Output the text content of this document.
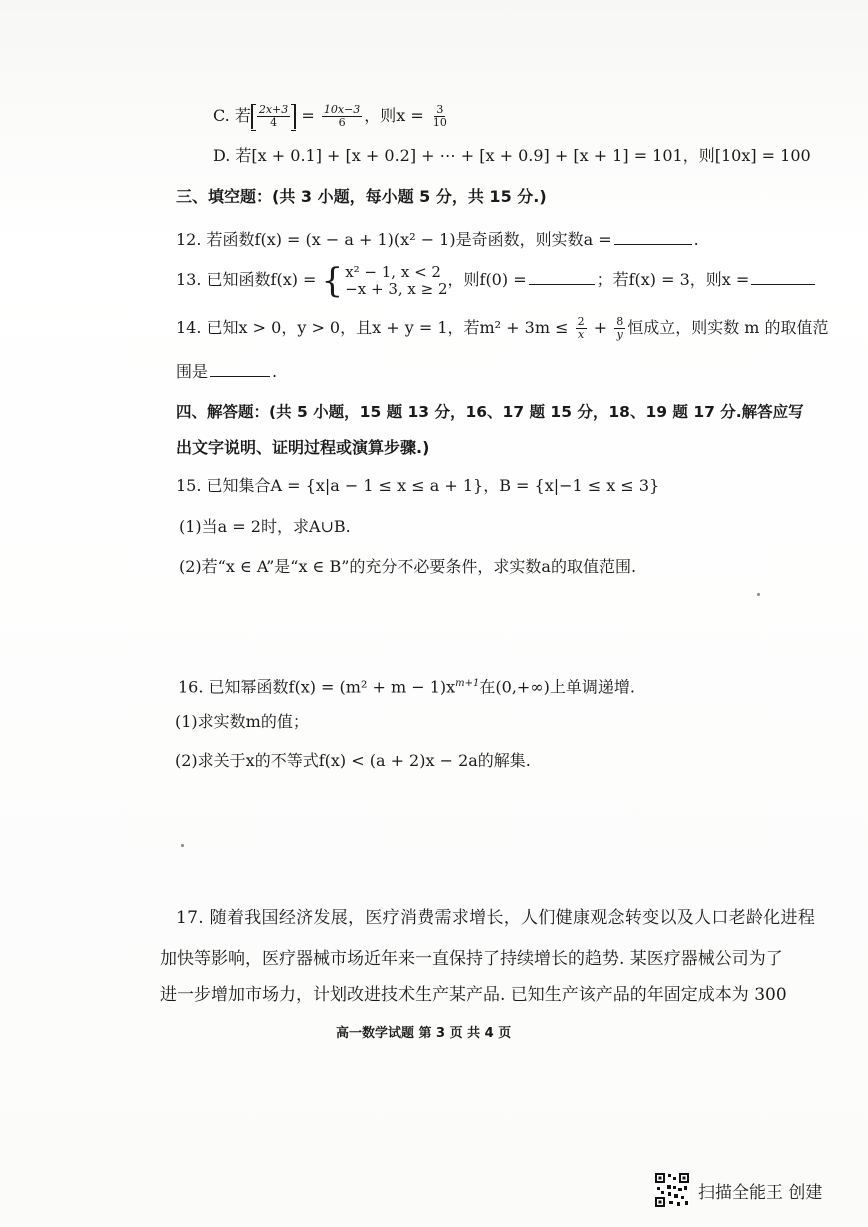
C. 若 $\frac{2x+3}{4} = \frac{10x-3}{6}$ ，则$x = \frac{3}{10}$
D. 若[x + 0.1] + [x + 0.2] + ⋯ + [x + 0.9] + [x + 1] = 101，则[10x] = 100
三、填空题：(共 3 小题，每小题 5 分，共 15 分.)
12. 若函数f(x) = (x − a + 1)(x² − 1)是奇函数，则实数a =	.
13. 已知函数f(x) = { x² − 1, x < 2
−x + 3, x ≥ 2 ，则f(0) =	；若f(x) = 3，则x =
14. 已知x > 0，y > 0，且x + y = 1，若$m^2 + 3m \le \frac{2}{x} + \frac{8}{y}$ 恒成立，则实数 m 的取值范
围是	.
四、解答题：(共 5 小题，15 题 13 分，16、17 题 15 分，18、19 题 17 分.解答应写
出文字说明、证明过程或演算步骤.)
15. 已知集合A = {x|a − 1 ≤ x ≤ a + 1}，B = {x|−1 ≤ x ≤ 3}
(1)当a = 2时，求A∪B.
(2)若“x ∈ A”是“x ∈ B”的充分不必要条件，求实数a的取值范围.
16. 已知幂函数$f(x) = (m^2 + m - 1)x^{m+1}$在(0,+∞)上单调递增.
(1)求实数m的值；
(2)求关于x的不等式f(x) < (a + 2)x − 2a的解集.
17. 随着我国经济发展，医疗消费需求增长，人们健康观念转变以及人口老龄化进程
加快等影响，医疗器械市场近年来一直保持了持续增长的趋势. 某医疗器械公司为了
进一步增加市场力，计划改进技术生产某产品. 已知生产该产品的年固定成本为 300
高一数学试题 第 3 页 共 4 页
扫描全能王 创建
